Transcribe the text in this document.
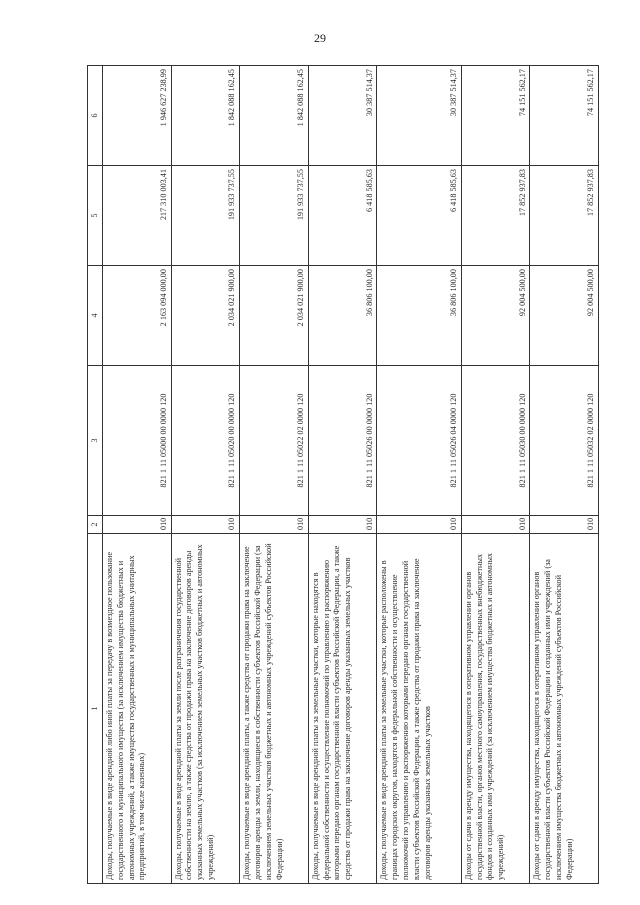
29
1	2	3	4	5	6
Доходы, получаемые в виде арендной либо иной платы за передачу в возмездное пользование государственного и муниципального имущества (за исключением имущества бюджетных и автономных учреждений, а также имущества государственных и муниципальных унитарных предприятий, в том числе казенных)	010	821 1 11 05000 00 0000 120	2 163 094 000,00	217 310 003,41	1 946 627 238,99
Доходы, получаемые в виде арендной платы за земли после разграничения государственной собственности на землю, а также средства от продажи права на заключение договоров аренды указанных земельных участков (за исключением земельных участков бюджетных и автономных учреждений)	010	821 1 11 05020 00 0000 120	2 034 021 900,00	191 933 737,55	1 842 088 162,45
Доходы, получаемые в виде арендной платы, а также средства от продажи права на заключение договоров аренды за земли, находящиеся в собственности субъектов Российской Федерации (за исключением земельных участков бюджетных и автономных учреждений субъектов Российской Федерации)	010	821 1 11 05022 02 0000 120	2 034 021 900,00	191 933 737,55	1 842 088 162,45
Доходы, получаемые в виде арендной платы за земельные участки, которые находятся в федеральной собственности и осуществление полномочий по управлению и распоряжению которыми передано органам государственной власти субъектов Российской Федерации, а также средства от продажи права на заключение договоров аренды указанных земельных участков	010	821 1 11 05026 00 0000 120	36 806 100,00	6 418 585,63	30 387 514,37
Доходы, получаемые в виде арендной платы за земельные участки, которые расположены в границах городских округов, находятся в федеральной собственности и осуществление полномочий по управлению и распоряжению которыми передано органам государственной власти субъектов Российской Федерации, а также средства от продажи права на заключение договоров аренды указанных земельных участков	010	821 1 11 05026 04 0000 120	36 806 100,00	6 418 585,63	30 387 514,37
Доходы от сдачи в аренду имущества, находящегося в оперативном управлении органов государственной власти, органов местного самоуправления, государственных внебюджетных фондов и созданных ими учреждений (за исключением имущества бюджетных и автономных учреждений)	010	821 1 11 05030 00 0000 120	92 004 500,00	17 852 937,83	74 151 562,17
Доходы от сдачи в аренду имущества, находящегося в оперативном управлении органов государственной власти субъектов Российской Федерации и созданных ими учреждений (за исключением имущества бюджетных и автономных учреждений субъектов Российской Федерации)	010	821 1 11 05032 02 0000 120	92 004 500,00	17 852 937,83	74 151 562,17
